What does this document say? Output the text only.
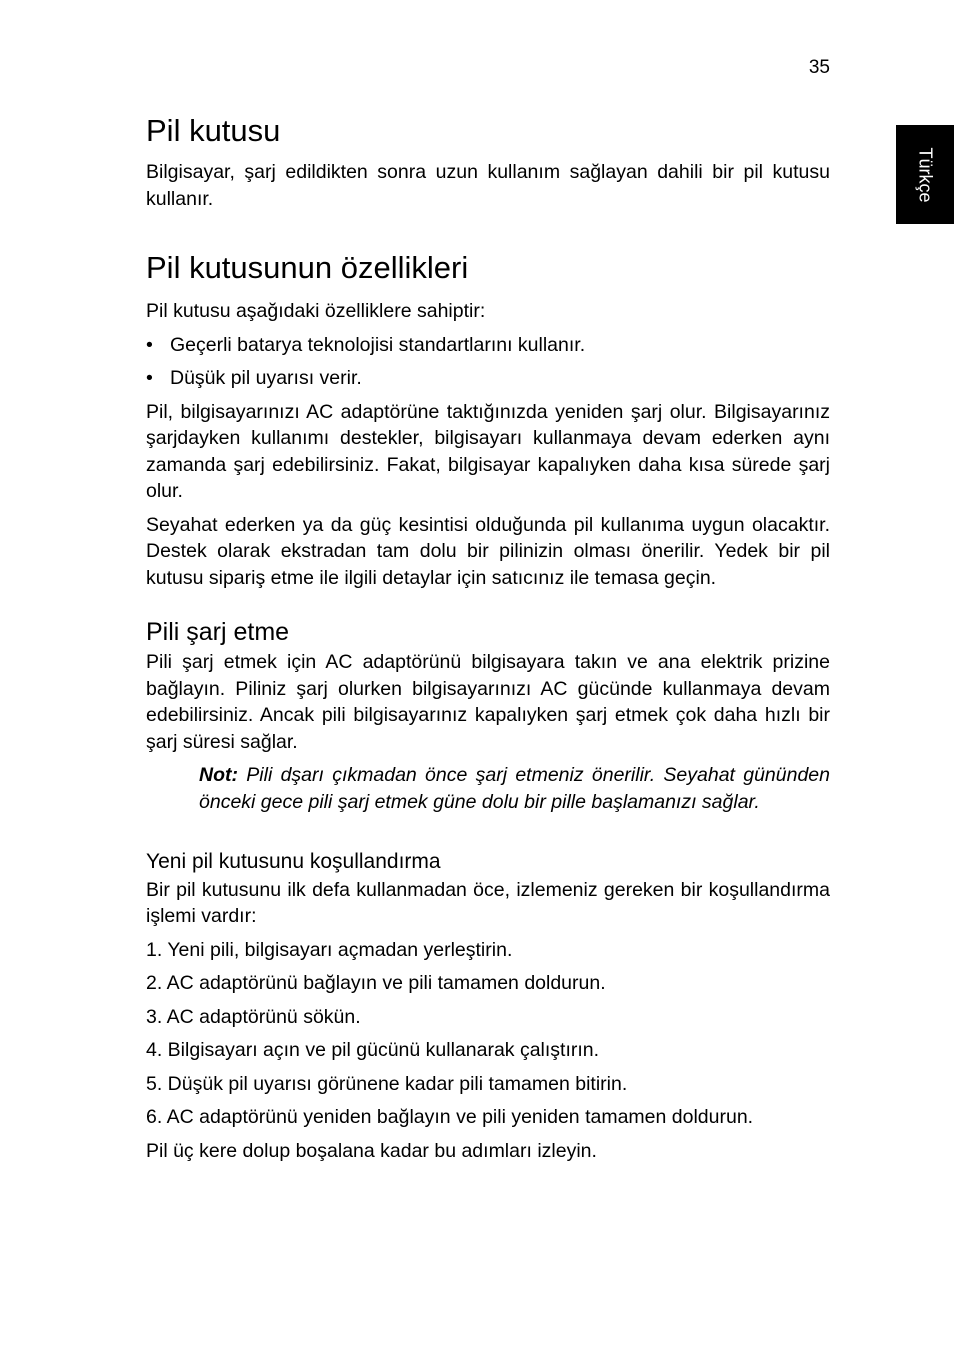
35
Türkçe
Pil kutusu

Bilgisayar, şarj edildikten sonra uzun kullanım sağlayan dahili bir pil kutusu kullanır.

Pil kutusunun özellikleri

Pil kutusu aşağıdaki özelliklere sahiptir:

• Geçerli batarya teknolojisi standartlarını kullanır.
• Düşük pil uyarısı verir.

Pil, bilgisayarınızı AC adaptörüne taktığınızda yeniden şarj olur. Bilgisayarınız şarjdayken kullanımı destekler, bilgisayarı kullanmaya devam ederken aynı zamanda şarj edebilirsiniz. Fakat, bilgisayar kapalıyken daha kısa sürede şarj olur.

Seyahat ederken ya da güç kesintisi olduğunda pil kullanıma uygun olacaktır. Destek olarak ekstradan tam dolu bir pilinizin olması önerilir. Yedek bir pil kutusu sipariş etme ile ilgili detaylar için satıcınız ile temasa geçin.

Pili şarj etme

Pili şarj etmek için AC adaptörünü bilgisayara takın ve ana elektrik prizine bağlayın. Piliniz şarj olurken bilgisayarınızı AC gücünde kullanmaya devam edebilirsiniz. Ancak pili bilgisayarınız kapalıyken şarj etmek çok daha hızlı bir şarj süresi sağlar.

Not: Pili dşarı çıkmadan önce şarj etmeniz önerilir. Seyahat gününden önceki gece pili şarj etmek güne dolu bir pille başlamanızı sağlar.
Yeni pil kutusunu koşullandırma

Bir pil kutusunu ilk defa kullanmadan öce, izlemeniz gereken bir koşullandırma işlemi vardır:

1. Yeni pili, bilgisayarı açmadan yerleştirin.
2. AC adaptörünü bağlayın ve pili tamamen doldurun.
3. AC adaptörünü sökün.
4. Bilgisayarı açın ve pil gücünü kullanarak çalıştırın.
5. Düşük pil uyarısı görünene kadar pili tamamen bitirin.
6. AC adaptörünü yeniden bağlayın ve pili yeniden tamamen doldurun.

Pil üç kere dolup boşalana kadar bu adımları izleyin.
